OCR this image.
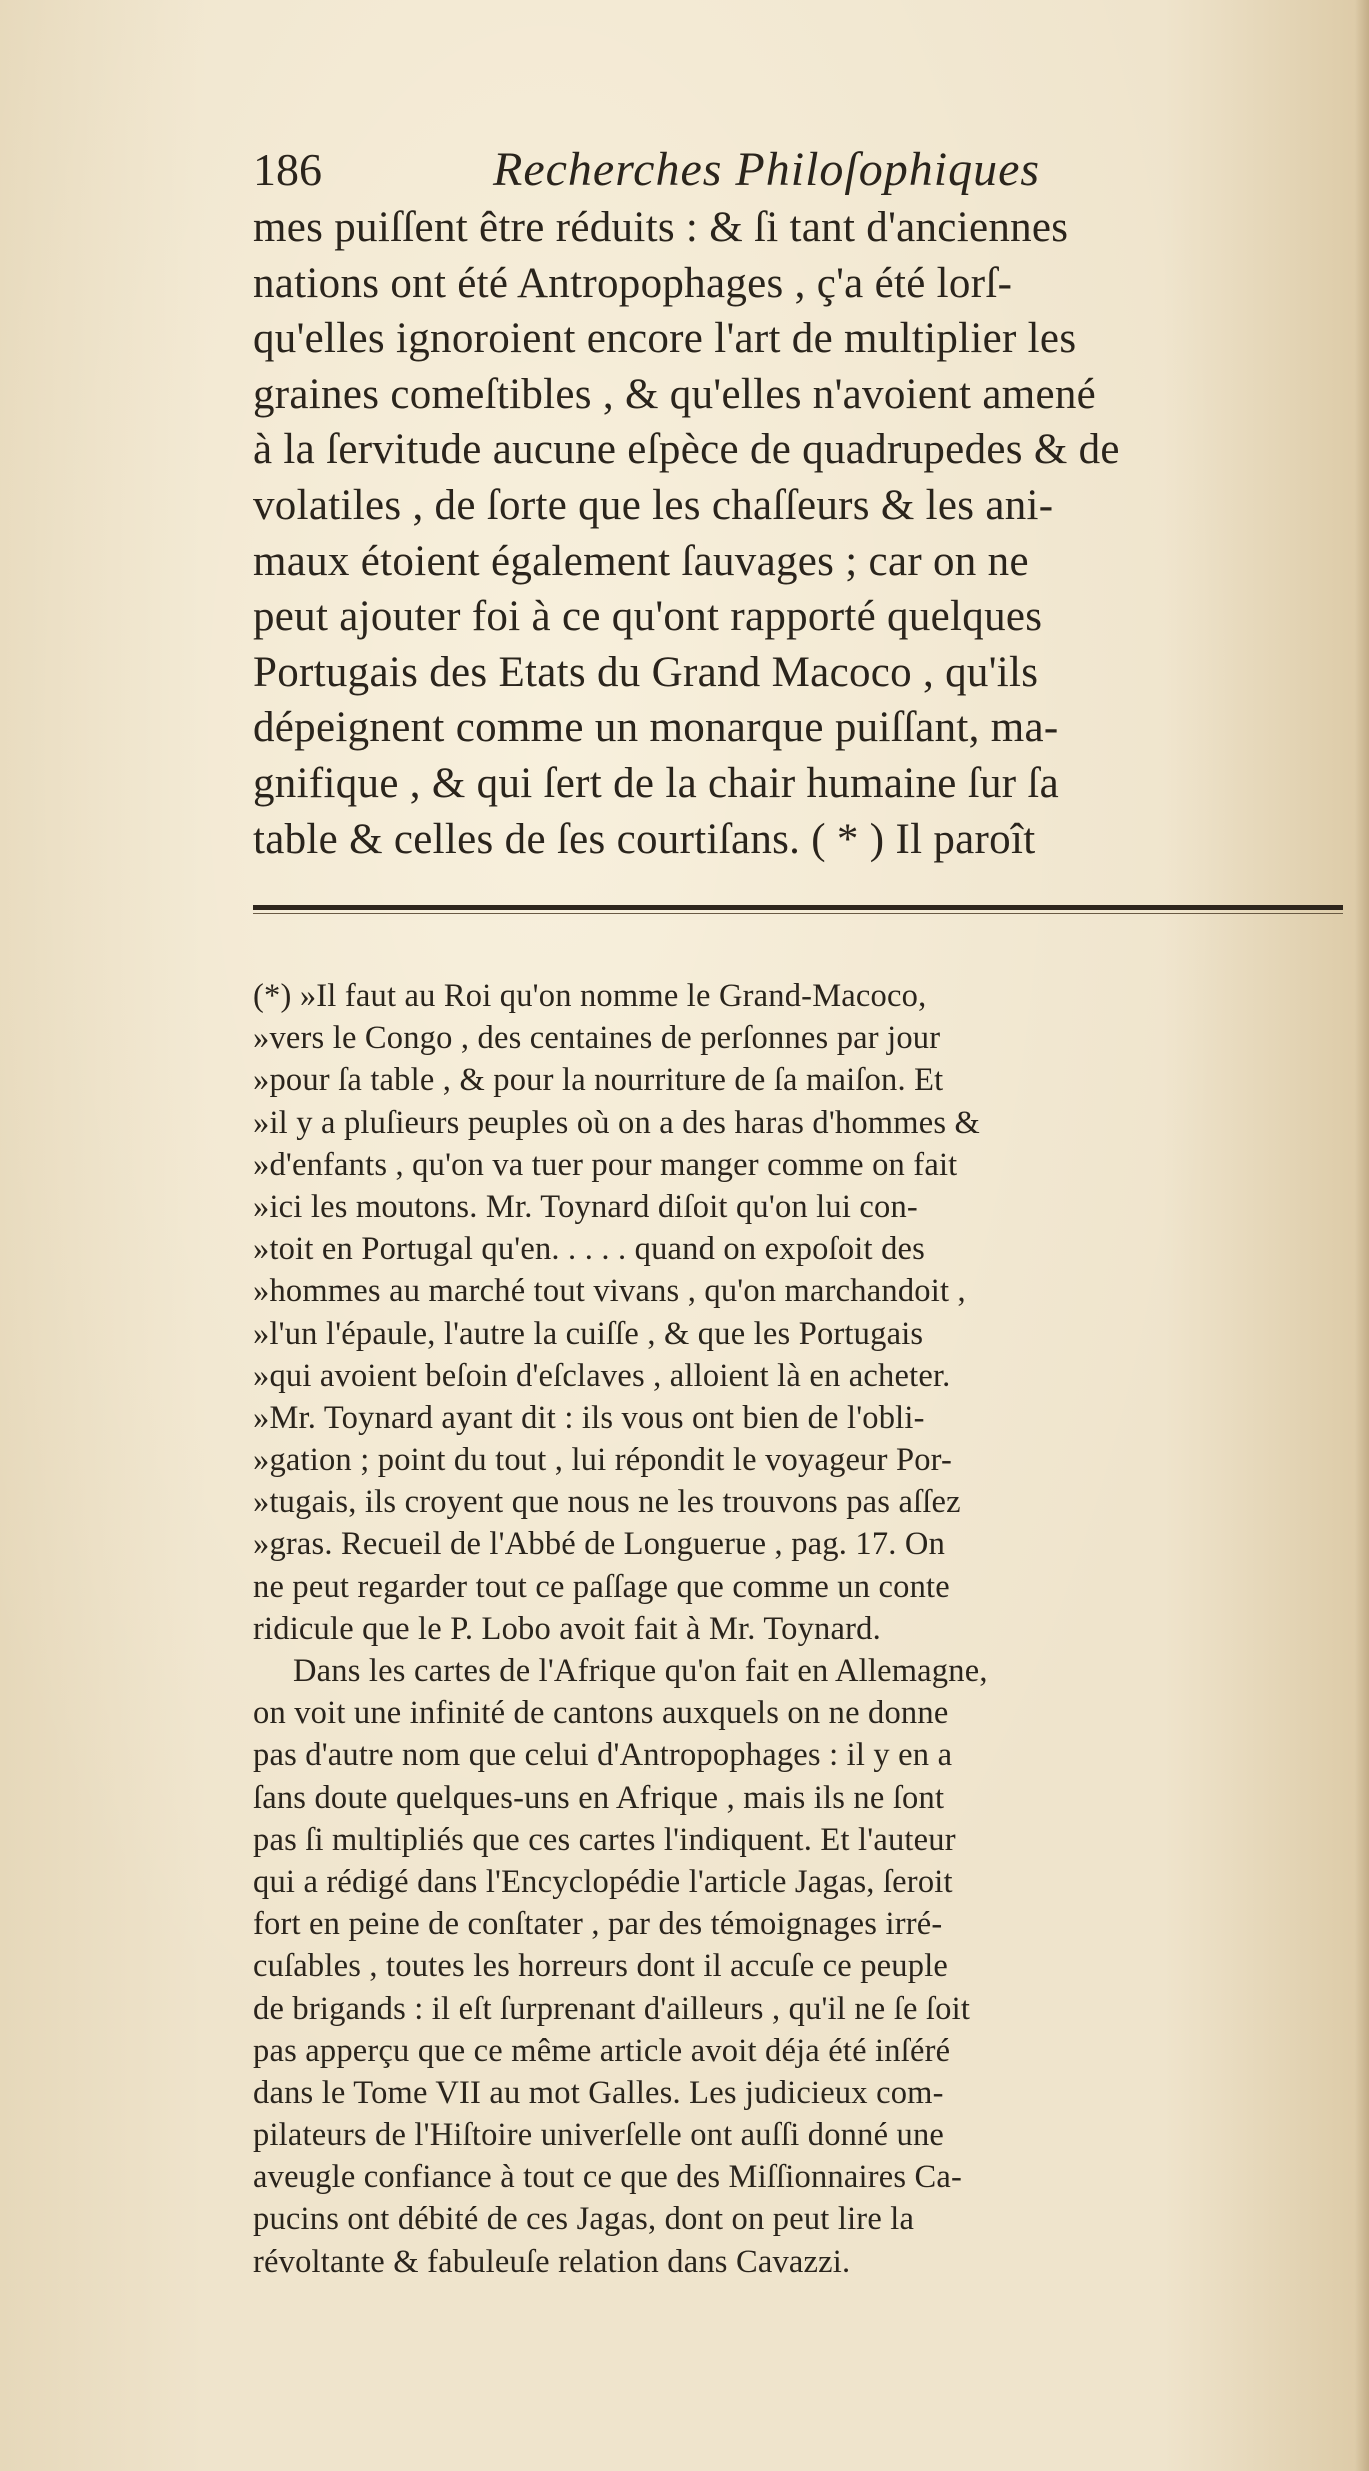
186	Recherches Philoſophiques
mes puiſſent être réduits : & ſi tant d'anciennes
nations ont été Antropophages , ç'a été lorſ-
qu'elles ignoroient encore l'art de multiplier les
graines comeſtibles , & qu'elles n'avoient amené
à la ſervitude aucune eſpèce de quadrupedes & de
volatiles , de ſorte que les chaſſeurs & les ani-
maux étoient également ſauvages ; car on ne
peut ajouter foi à ce qu'ont rapporté quelques
Portugais des Etats du Grand Macoco , qu'ils
dépeignent comme un monarque puiſſant, ma-
gnifique , & qui ſert de la chair humaine ſur ſa
table & celles de ſes courtiſans. ( * ) Il paroît
(*) »Il faut au Roi qu'on nomme le Grand-Macoco,
»vers le Congo , des centaines de perſonnes par jour
»pour ſa table , & pour la nourriture de ſa maiſon. Et
»il y a pluſieurs peuples où on a des haras d'hommes &
»d'enfants , qu'on va tuer pour manger comme on fait
»ici les moutons. Mr. Toynard diſoit qu'on lui con-
»toit en Portugal qu'en. . . . . quand on expoſoit des
»hommes au marché tout vivans , qu'on marchandoit ,
»l'un l'épaule, l'autre la cuiſſe , & que les Portugais
»qui avoient beſoin d'eſclaves , alloient là en acheter.
»Mr. Toynard ayant dit : ils vous ont bien de l'obli-
»gation ; point du tout , lui répondit le voyageur Por-
»tugais, ils croyent que nous ne les trouvons pas aſſez
»gras. Recueil de l'Abbé de Longuerue , pag. 17. On
ne peut regarder tout ce paſſage que comme un conte
ridicule que le P. Lobo avoit fait à Mr. Toynard.
Dans les cartes de l'Afrique qu'on fait en Allemagne,
on voit une infinité de cantons auxquels on ne donne
pas d'autre nom que celui d'Antropophages : il y en a
ſans doute quelques-uns en Afrique , mais ils ne ſont
pas ſi multipliés que ces cartes l'indiquent. Et l'auteur
qui a rédigé dans l'Encyclopédie l'article Jagas, ſeroit
fort en peine de conſtater , par des témoignages irré-
cuſables , toutes les horreurs dont il accuſe ce peuple
de brigands : il eſt ſurprenant d'ailleurs , qu'il ne ſe ſoit
pas apperçu que ce même article avoit déja été inſéré
dans le Tome VII au mot Galles. Les judicieux com-
pilateurs de l'Hiſtoire univerſelle ont auſſi donné une
aveugle confiance à tout ce que des Miſſionnaires Ca-
pucins ont débité de ces Jagas, dont on peut lire la
révoltante & fabuleuſe relation dans Cavazzi.
